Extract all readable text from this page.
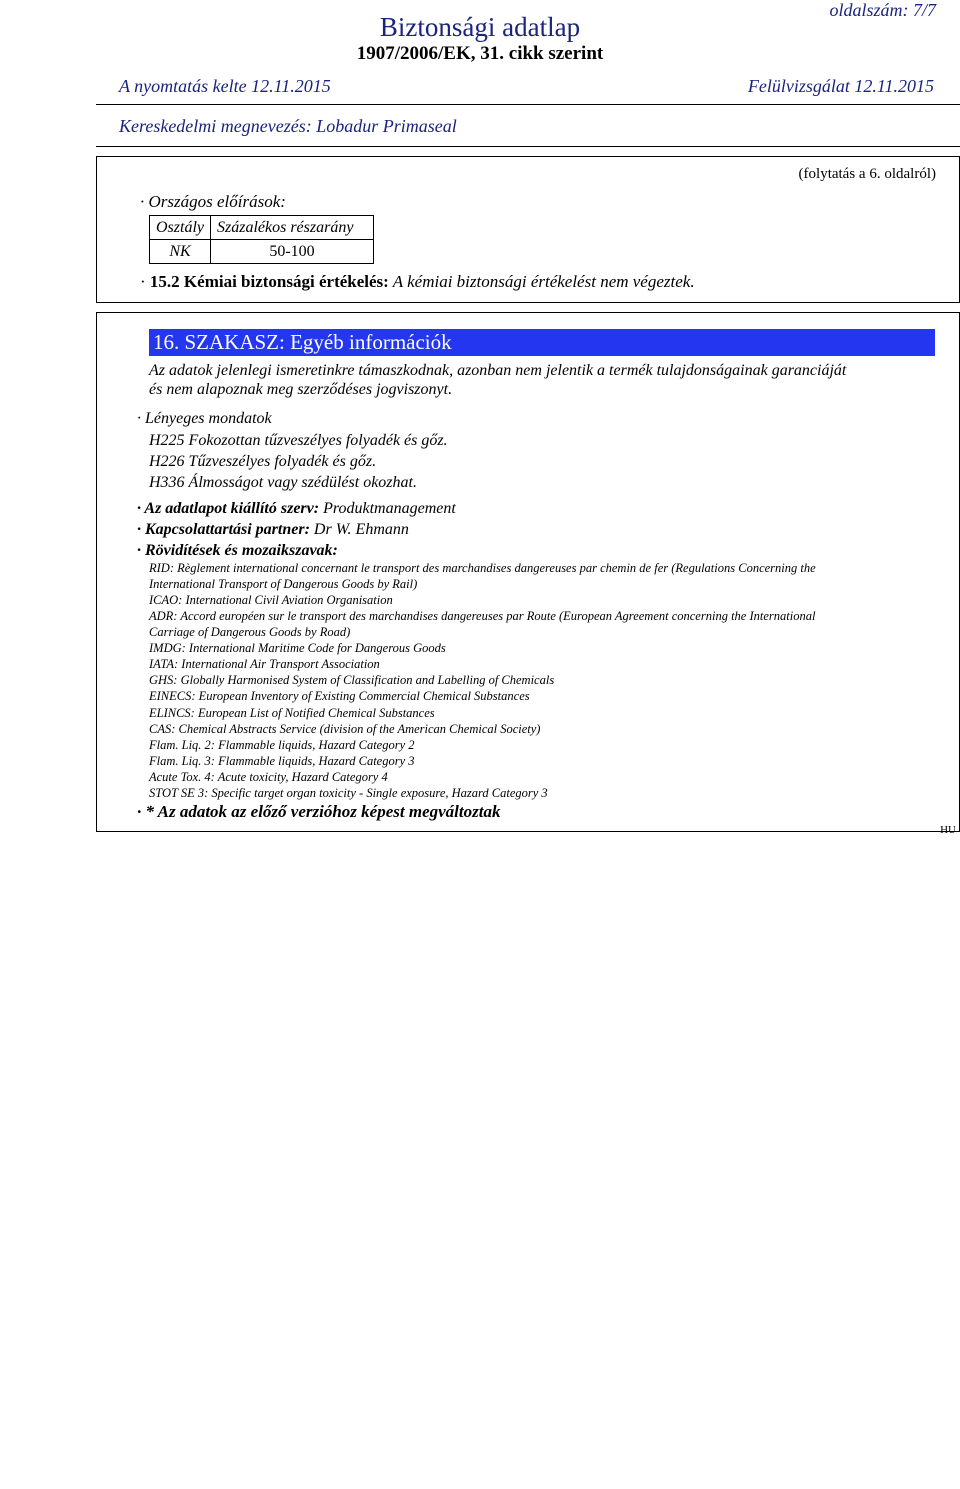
oldalszám: 7/7
Biztonsági adatlap
1907/2006/EK, 31. cikk szerint
A nyomtatás kelte 12.11.2015	Felülvizsgálat 12.11.2015
Kereskedelmi megnevezés: Lobadur Primaseal
(folytatás a 6. oldalról)
· Országos előírások:
Osztály	Százalékos részarány
NK	50-100
· 15.2 Kémiai biztonsági értékelés: A kémiai biztonsági értékelést nem végeztek.
16. SZAKASZ: Egyéb információk
Az adatok jelenlegi ismeretinkre támaszkodnak, azonban nem jelentik a termék tulajdonságainak garanciáját
és nem alapoznak meg szerződéses jogviszonyt.
· Lényeges mondatok
H225 Fokozottan tűzveszélyes folyadék és gőz.
H226 Tűzveszélyes folyadék és gőz.
H336 Álmosságot vagy szédülést okozhat.
· Az adatlapot kiállító szerv: Produktmanagement
· Kapcsolattartási partner: Dr W. Ehmann
· Rövidítések és mozaikszavak:
RID: Règlement international concernant le transport des marchandises dangereuses par chemin de fer (Regulations Concerning the
International Transport of Dangerous Goods by Rail)
ICAO: International Civil Aviation Organisation
ADR: Accord européen sur le transport des marchandises dangereuses par Route (European Agreement concerning the International
Carriage of Dangerous Goods by Road)
IMDG: International Maritime Code for Dangerous Goods
IATA: International Air Transport Association
GHS: Globally Harmonised System of Classification and Labelling of Chemicals
EINECS: European Inventory of Existing Commercial Chemical Substances
ELINCS: European List of Notified Chemical Substances
CAS: Chemical Abstracts Service (division of the American Chemical Society)
Flam. Liq. 2: Flammable liquids, Hazard Category 2
Flam. Liq. 3: Flammable liquids, Hazard Category 3
Acute Tox. 4: Acute toxicity, Hazard Category 4
STOT SE 3: Specific target organ toxicity - Single exposure, Hazard Category 3
· * Az adatok az előző verzióhoz képest megváltoztak
HU
